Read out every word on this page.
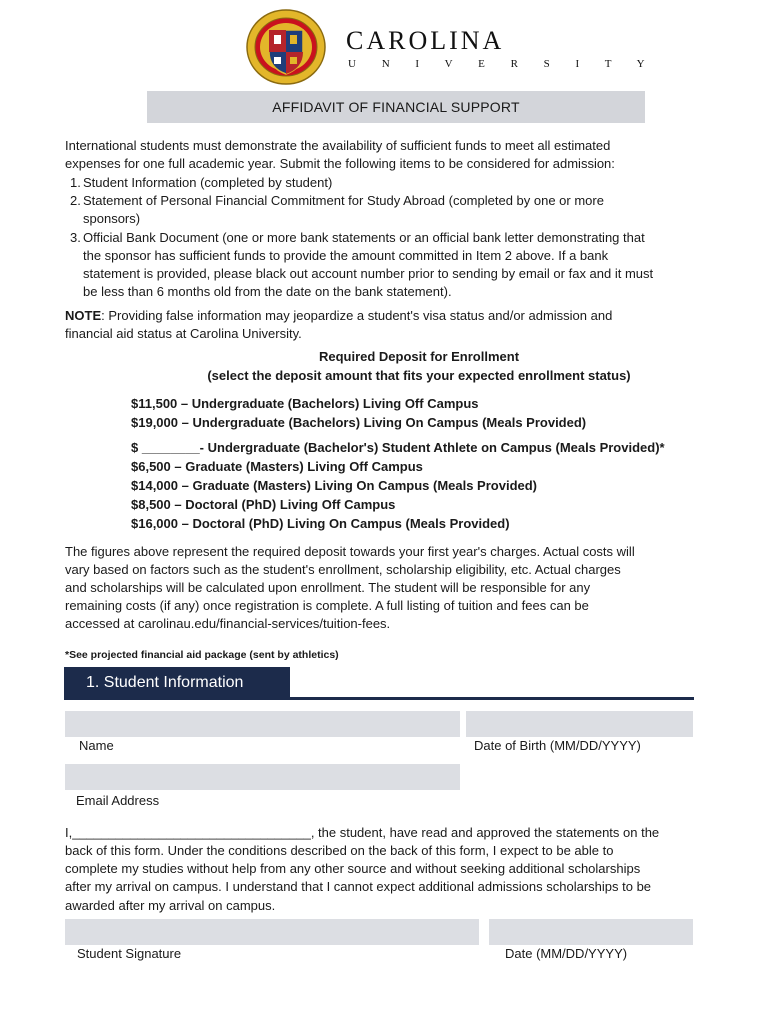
CAROLINA
U N I V E R S I T Y
AFFIDAVIT OF FINANCIAL SUPPORT
International students must demonstrate the availability of sufficient funds to meet all estimated
expenses for one full academic year. Submit the following items to be considered for admission:
1. Student Information (completed by student)
2. Statement of Personal Financial Commitment for Study Abroad (completed by one or more
sponsors)
3. Official Bank Document (one or more bank statements or an official bank letter demonstrating that
the sponsor has sufficient funds to provide the amount committed in Item 2 above. If a bank
statement is provided, please black out account number prior to sending by email or fax and it must
be less than 6 months old from the date on the bank statement).
NOTE: Providing false information may jeopardize a student's visa status and/or admission and
financial aid status at Carolina University.
Required Deposit for Enrollment
(select the deposit amount that fits your expected enrollment status)
$11,500 – Undergraduate (Bachelors) Living Off Campus
$19,000 – Undergraduate (Bachelors) Living On Campus (Meals Provided)
$ ________- Undergraduate (Bachelor's) Student Athlete on Campus (Meals Provided)*
$6,500 – Graduate (Masters) Living Off Campus
$14,000 – Graduate (Masters) Living On Campus (Meals Provided)
$8,500 – Doctoral (PhD) Living Off Campus
$16,000 – Doctoral (PhD) Living On Campus (Meals Provided)
The figures above represent the required deposit towards your first year's charges. Actual costs will
vary based on factors such as the student's enrollment, scholarship eligibility, etc. Actual charges
and scholarships will be calculated upon enrollment. The student will be responsible for any
remaining costs (if any) once registration is complete. A full listing of tuition and fees can be
accessed at carolinau.edu/financial-services/tuition-fees.
*See projected financial aid package (sent by athletics)
1. Student Information
Name	Date of Birth (MM/DD/YYYY)
Email Address
I,_________________________________, the student, have read and approved the statements on the
back of this form. Under the conditions described on the back of this form, I expect to be able to
complete my studies without help from any other source and without seeking additional scholarships
after my arrival on campus. I understand that I cannot expect additional admissions scholarships to be
awarded after my arrival on campus.
Student Signature	Date (MM/DD/YYYY)
